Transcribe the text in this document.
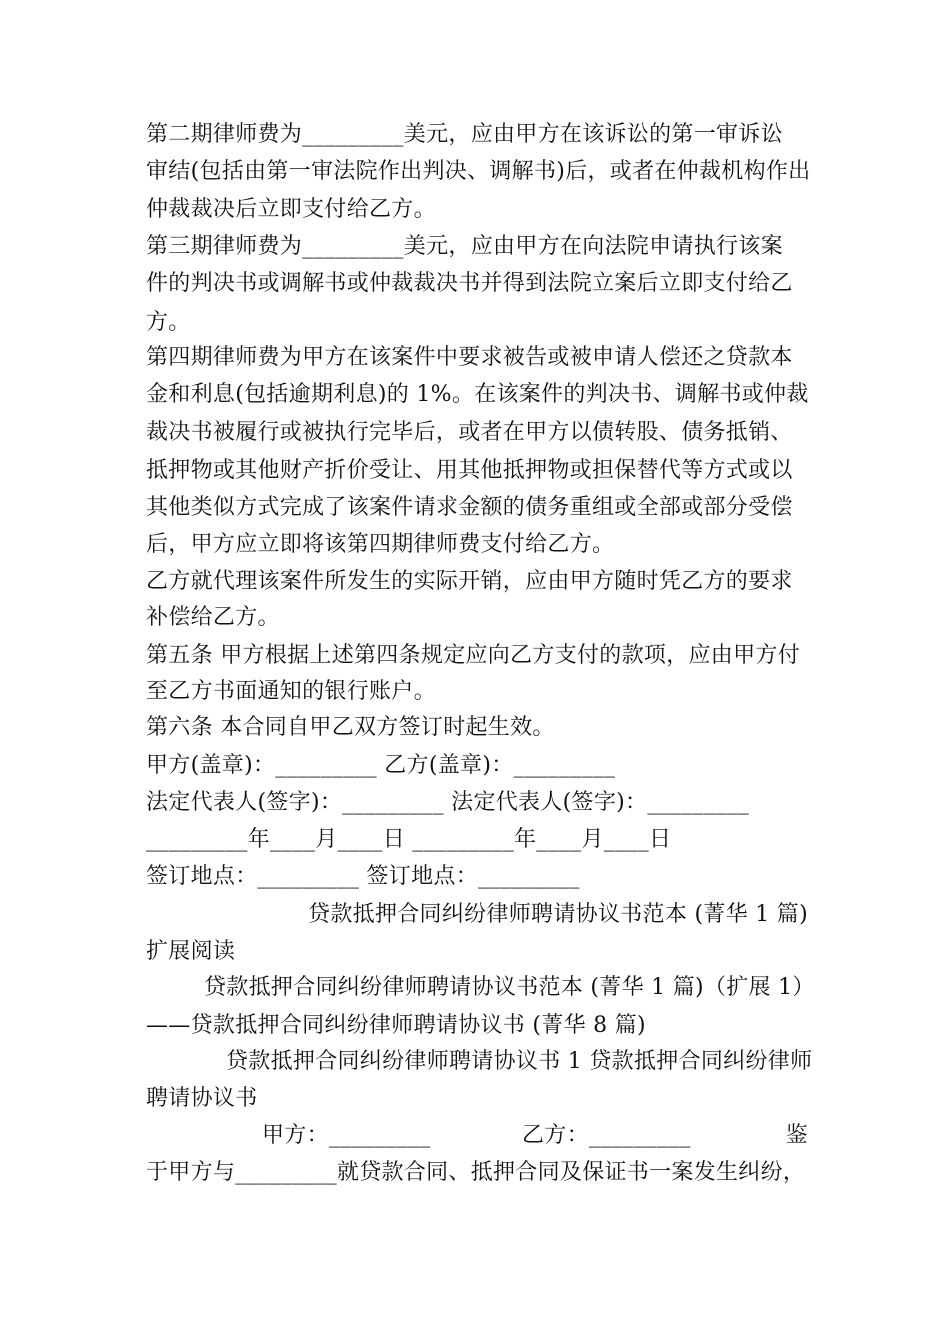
第二期律师费为_________美元，应由甲方在该诉讼的第一审诉讼
审结(包括由第一审法院作出判决、调解书)后，或者在仲裁机构作出
仲裁裁决后立即支付给乙方。
第三期律师费为_________美元，应由甲方在向法院申请执行该案
件的判决书或调解书或仲裁裁决书并得到法院立案后立即支付给乙
方。
第四期律师费为甲方在该案件中要求被告或被申请人偿还之贷款本
金和利息(包括逾期利息)的 1%。在该案件的判决书、调解书或仲裁
裁决书被履行或被执行完毕后，或者在甲方以债转股、债务抵销、
抵押物或其他财产折价受让、用其他抵押物或担保替代等方式或以
其他类似方式完成了该案件请求金额的债务重组或全部或部分受偿
后，甲方应立即将该第四期律师费支付给乙方。
乙方就代理该案件所发生的实际开销，应由甲方随时凭乙方的要求
补偿给乙方。
第五条 甲方根据上述第四条规定应向乙方支付的款项，应由甲方付
至乙方书面通知的银行账户。
第六条 本合同自甲乙双方签订时起生效。
甲方(盖章)：_________ 乙方(盖章)：_________
法定代表人(签字)：_________ 法定代表人(签字)：_________
_________年____月____日 _________年____月____日
签订地点：_________ 签订地点：_________
贷款抵押合同纠纷律师聘请协议书范本 (菁华 1 篇)
扩展阅读
贷款抵押合同纠纷律师聘请协议书范本 (菁华 1 篇)（扩展 1）
——贷款抵押合同纠纷律师聘请协议书 (菁华 8 篇)
贷款抵押合同纠纷律师聘请协议书 1 贷款抵押合同纠纷律师
聘请协议书
甲方：_________	乙方：_________	鉴
于甲方与_________就贷款合同、抵押合同及保证书一案发生纠纷，
